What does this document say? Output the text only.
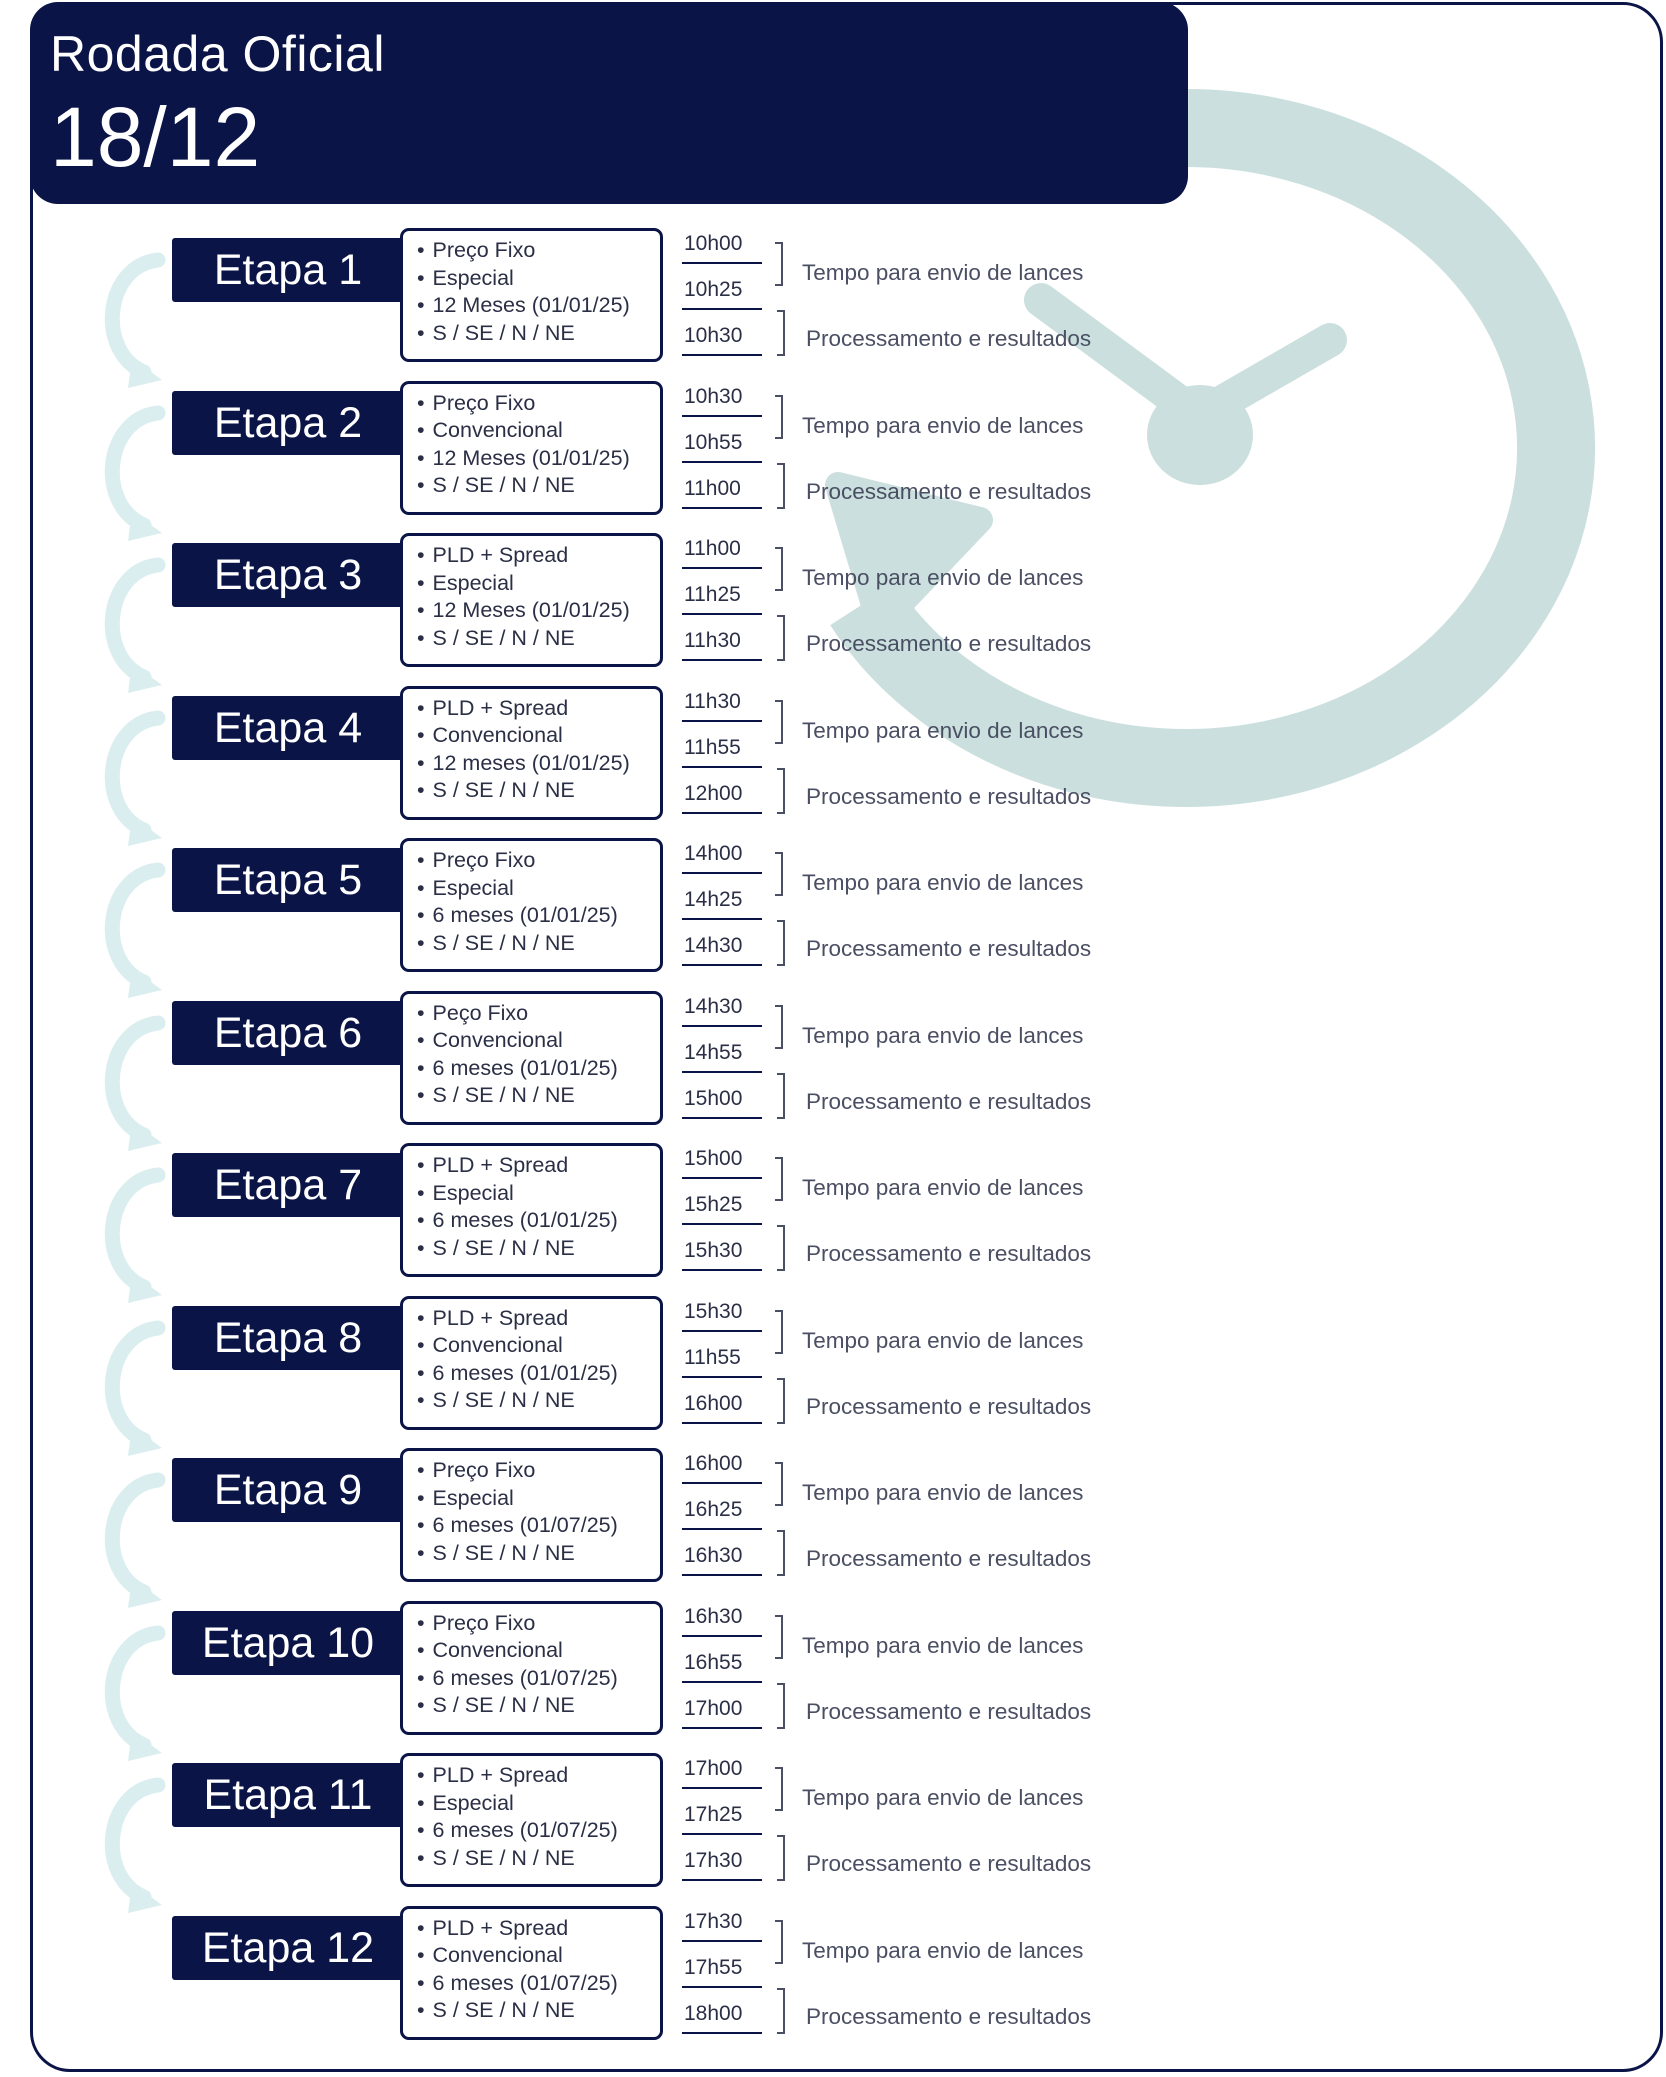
Rodada Oficial
18/12
Etapa 1	• Preço Fixo
• Especial
• 12 Meses (01/01/25)
• S / SE / N / NE
10h00
10h25
10h30
Tempo para envio de lances
Processamento e resultados
Etapa 2	• Preço Fixo
• Convencional
• 12 Meses (01/01/25)
• S / SE / N / NE
10h30
10h55
11h00
Tempo para envio de lances
Processamento e resultados
Etapa 3	• PLD + Spread
• Especial
• 12 Meses (01/01/25)
• S / SE / N / NE
11h00
11h25
11h30
Tempo para envio de lances
Processamento e resultados
Etapa 4	• PLD + Spread
• Convencional
• 12 meses (01/01/25)
• S / SE / N / NE
11h30
11h55
12h00
Tempo para envio de lances
Processamento e resultados
Etapa 5	• Preço Fixo
• Especial
• 6 meses (01/01/25)
• S / SE / N / NE
14h00
14h25
14h30
Tempo para envio de lances
Processamento e resultados
Etapa 6	• Peço Fixo
• Convencional
• 6 meses (01/01/25)
• S / SE / N / NE
14h30
14h55
15h00
Tempo para envio de lances
Processamento e resultados
Etapa 7	• PLD + Spread
• Especial
• 6 meses (01/01/25)
• S / SE / N / NE
15h00
15h25
15h30
Tempo para envio de lances
Processamento e resultados
Etapa 8	• PLD + Spread
• Convencional
• 6 meses (01/01/25)
• S / SE / N / NE
15h30
11h55
16h00
Tempo para envio de lances
Processamento e resultados
Etapa 9	• Preço Fixo
• Especial
• 6 meses (01/07/25)
• S / SE / N / NE
16h00
16h25
16h30
Tempo para envio de lances
Processamento e resultados
Etapa 10	• Preço Fixo
• Convencional
• 6 meses (01/07/25)
• S / SE / N / NE
16h30
16h55
17h00
Tempo para envio de lances
Processamento e resultados
Etapa 11	• PLD + Spread
• Especial
• 6 meses (01/07/25)
• S / SE / N / NE
17h00
17h25
17h30
Tempo para envio de lances
Processamento e resultados
Etapa 12	• PLD + Spread
• Convencional
• 6 meses (01/07/25)
• S / SE / N / NE
17h30
17h55
18h00
Tempo para envio de lances
Processamento e resultados
